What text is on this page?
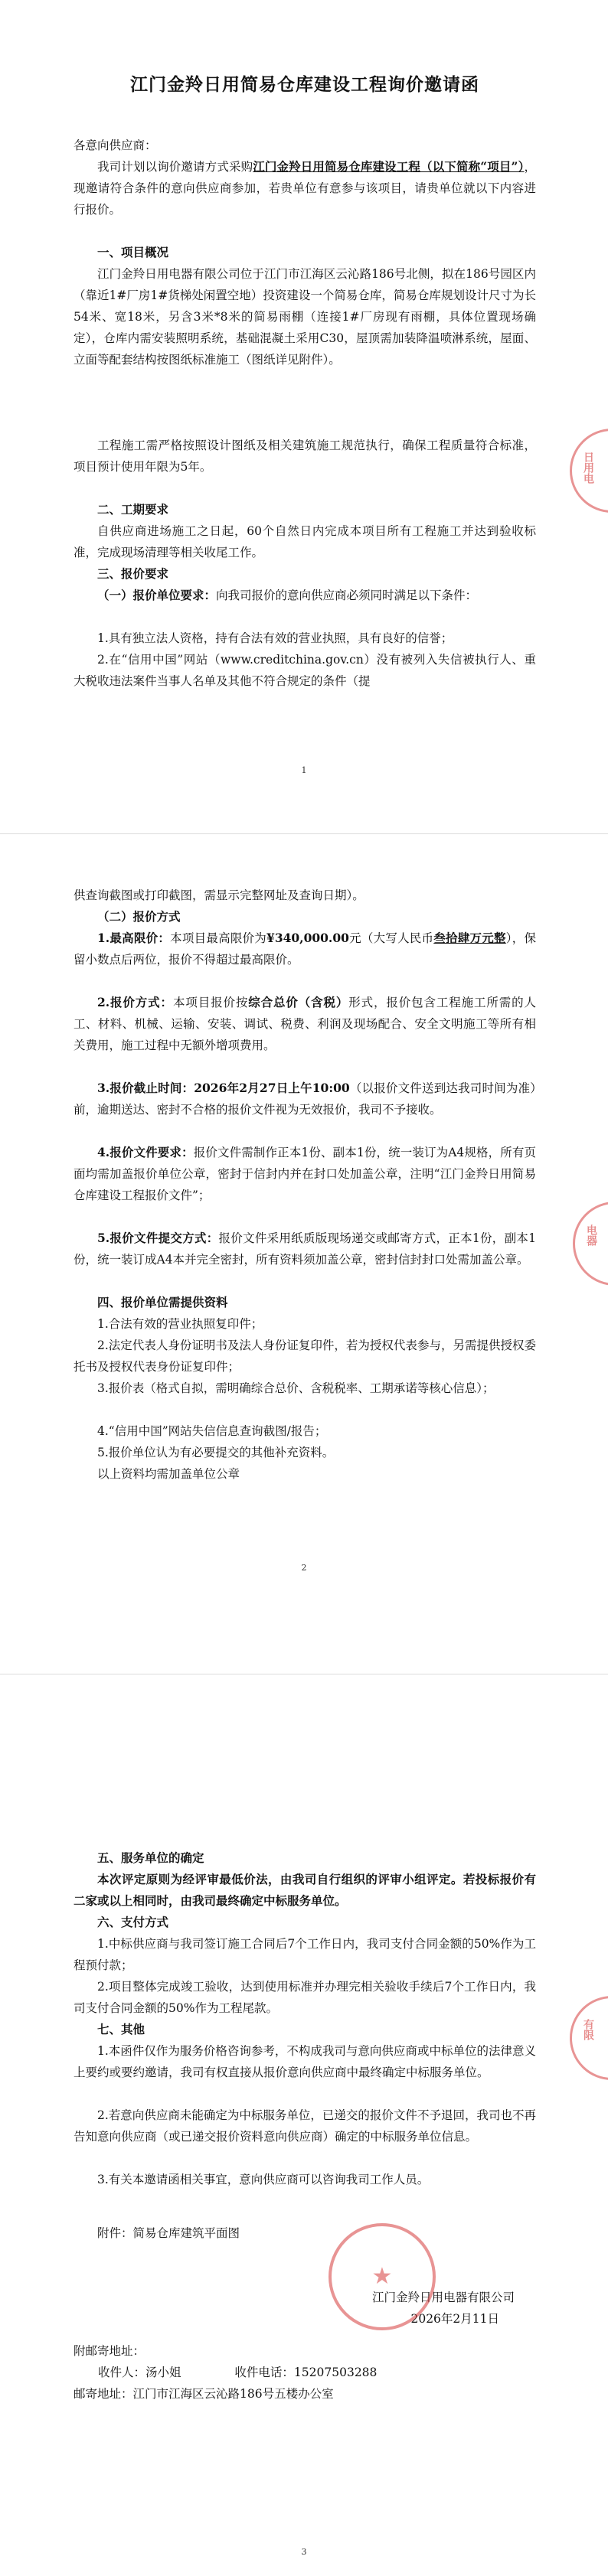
江门金羚日用简易仓库建设工程询价邀请函
各意向供应商：
我司计划以询价邀请方式采购江门金羚日用简易仓库建设工程（以下简称“项目”），现邀请符合条件的意向供应商参加，若贵单位有意参与该项目，请贵单位就以下内容进行报价。
一、项目概况
江门金羚日用电器有限公司位于江门市江海区云沁路186号北侧，拟在186号园区内（靠近1#厂房1#货梯处闲置空地）投资建设一个简易仓库，简易仓库规划设计尺寸为长54米、宽18米，另含3米*8米的简易雨棚（连接1#厂房现有雨棚，具体位置现场确定），仓库内需安装照明系统，基础混凝土采用C30，屋顶需加装降温喷淋系统，屋面、立面等配套结构按图纸标准施工（图纸详见附件）。
工程施工需严格按照设计图纸及相关建筑施工规范执行，确保工程质量符合标准，项目预计使用年限为5年。
二、工期要求
自供应商进场施工之日起，60个自然日内完成本项目所有工程施工并达到验收标准，完成现场清理等相关收尾工作。
三、报价要求
（一）报价单位要求：向我司报价的意向供应商必须同时满足以下条件：
1.具有独立法人资格，持有合法有效的营业执照，具有良好的信誉；
2.在“信用中国”网站（www.creditchina.gov.cn）没有被列入失信被执行人、重大税收违法案件当事人名单及其他不符合规定的条件（提
1
日用电
供查询截图或打印截图，需显示完整网址及查询日期）。
（二）报价方式
1.最高限价：本项目最高限价为¥340,000.00元（大写人民币叁拾肆万元整），保留小数点后两位，报价不得超过最高限价。
2.报价方式：本项目报价按综合总价（含税）形式，报价包含工程施工所需的人工、材料、机械、运输、安装、调试、税费、利润及现场配合、安全文明施工等所有相关费用，施工过程中无额外增项费用。
3.报价截止时间：2026年2月27日上午10:00（以报价文件送到达我司时间为准）前，逾期送达、密封不合格的报价文件视为无效报价，我司不予接收。
4.报价文件要求：报价文件需制作正本1份、副本1份，统一装订为A4规格，所有页面均需加盖报价单位公章，密封于信封内并在封口处加盖公章，注明“江门金羚日用简易仓库建设工程报价文件”；
5.报价文件提交方式：报价文件采用纸质版现场递交或邮寄方式，正本1份，副本1份，统一装订成A4本并完全密封，所有资料须加盖公章，密封信封封口处需加盖公章。
四、报价单位需提供资料
1.合法有效的营业执照复印件；
2.法定代表人身份证明书及法人身份证复印件，若为授权代表参与，另需提供授权委托书及授权代表身份证复印件；
3.报价表（格式自拟，需明确综合总价、含税税率、工期承诺等核心信息）；
4.“信用中国”网站失信信息查询截图/报告；
5.报价单位认为有必要提交的其他补充资料。
以上资料均需加盖单位公章
2
电器
五、服务单位的确定
本次评定原则为经评审最低价法，由我司自行组织的评审小组评定。若投标报价有二家或以上相同时，由我司最终确定中标服务单位。
六、支付方式
1.中标供应商与我司签订施工合同后7个工作日内，我司支付合同金额的50%作为工程预付款；
2.项目整体完成竣工验收，达到使用标准并办理完相关验收手续后7个工作日内，我司支付合同金额的50%作为工程尾款。
七、其他
1.本函件仅作为服务价格咨询参考，不构成我司与意向供应商或中标单位的法律意义上要约或要约邀请，我司有权直接从报价意向供应商中最终确定中标服务单位。
2.若意向供应商未能确定为中标服务单位，已递交的报价文件不予退回，我司也不再告知意向供应商（或已递交报价资料意向供应商）确定的中标服务单位信息。
3.有关本邀请函相关事宜，意向供应商可以咨询我司工作人员。
附件：简易仓库建筑平面图
江门金羚日用电器有限公司
2026年2月11日
★
附邮寄地址：
收件人：汤小姐	收件电话：15207503288
邮寄地址：江门市江海区云沁路186号五楼办公室
3
有限
